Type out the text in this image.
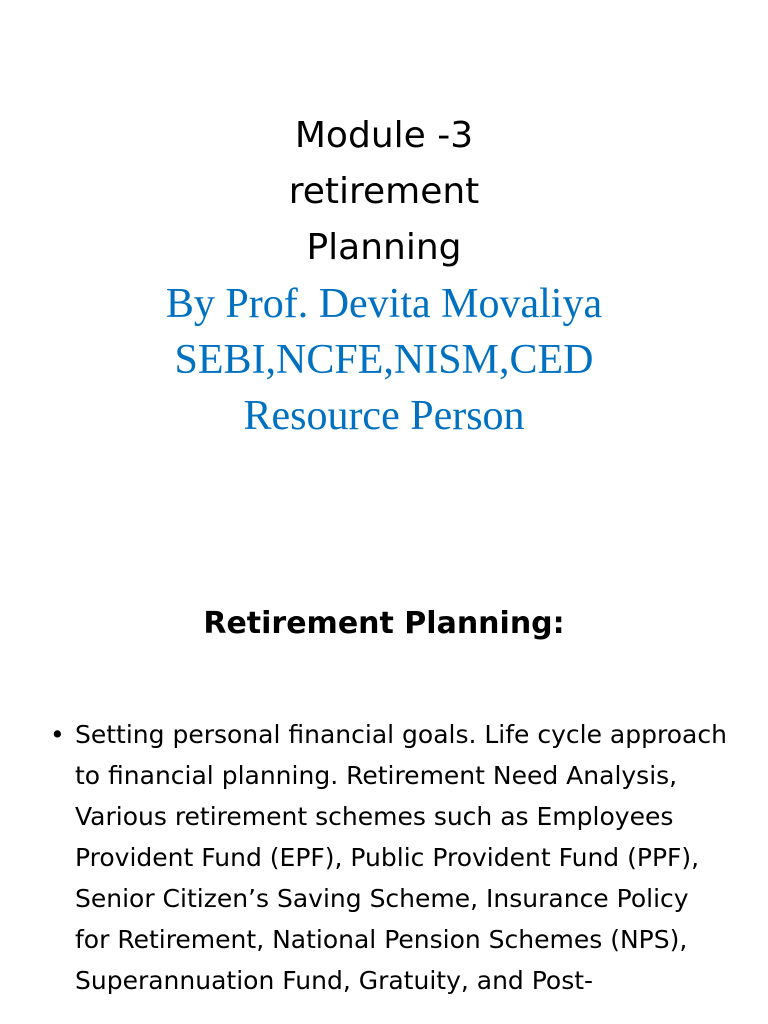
Module -3
retirement
Planning
By Prof. Devita Movaliya
SEBI,NCFE,NISM,CED
Resource Person
Retirement Planning:
• Setting personal financial goals. Life cycle approach to financial planning. Retirement Need Analysis, Various retirement schemes such as Employees Provident Fund (EPF), Public Provident Fund (PPF), Senior Citizen’s Saving Scheme, Insurance Policy for Retirement, National Pension Schemes (NPS), Superannuation Fund, Gratuity, and Post-
